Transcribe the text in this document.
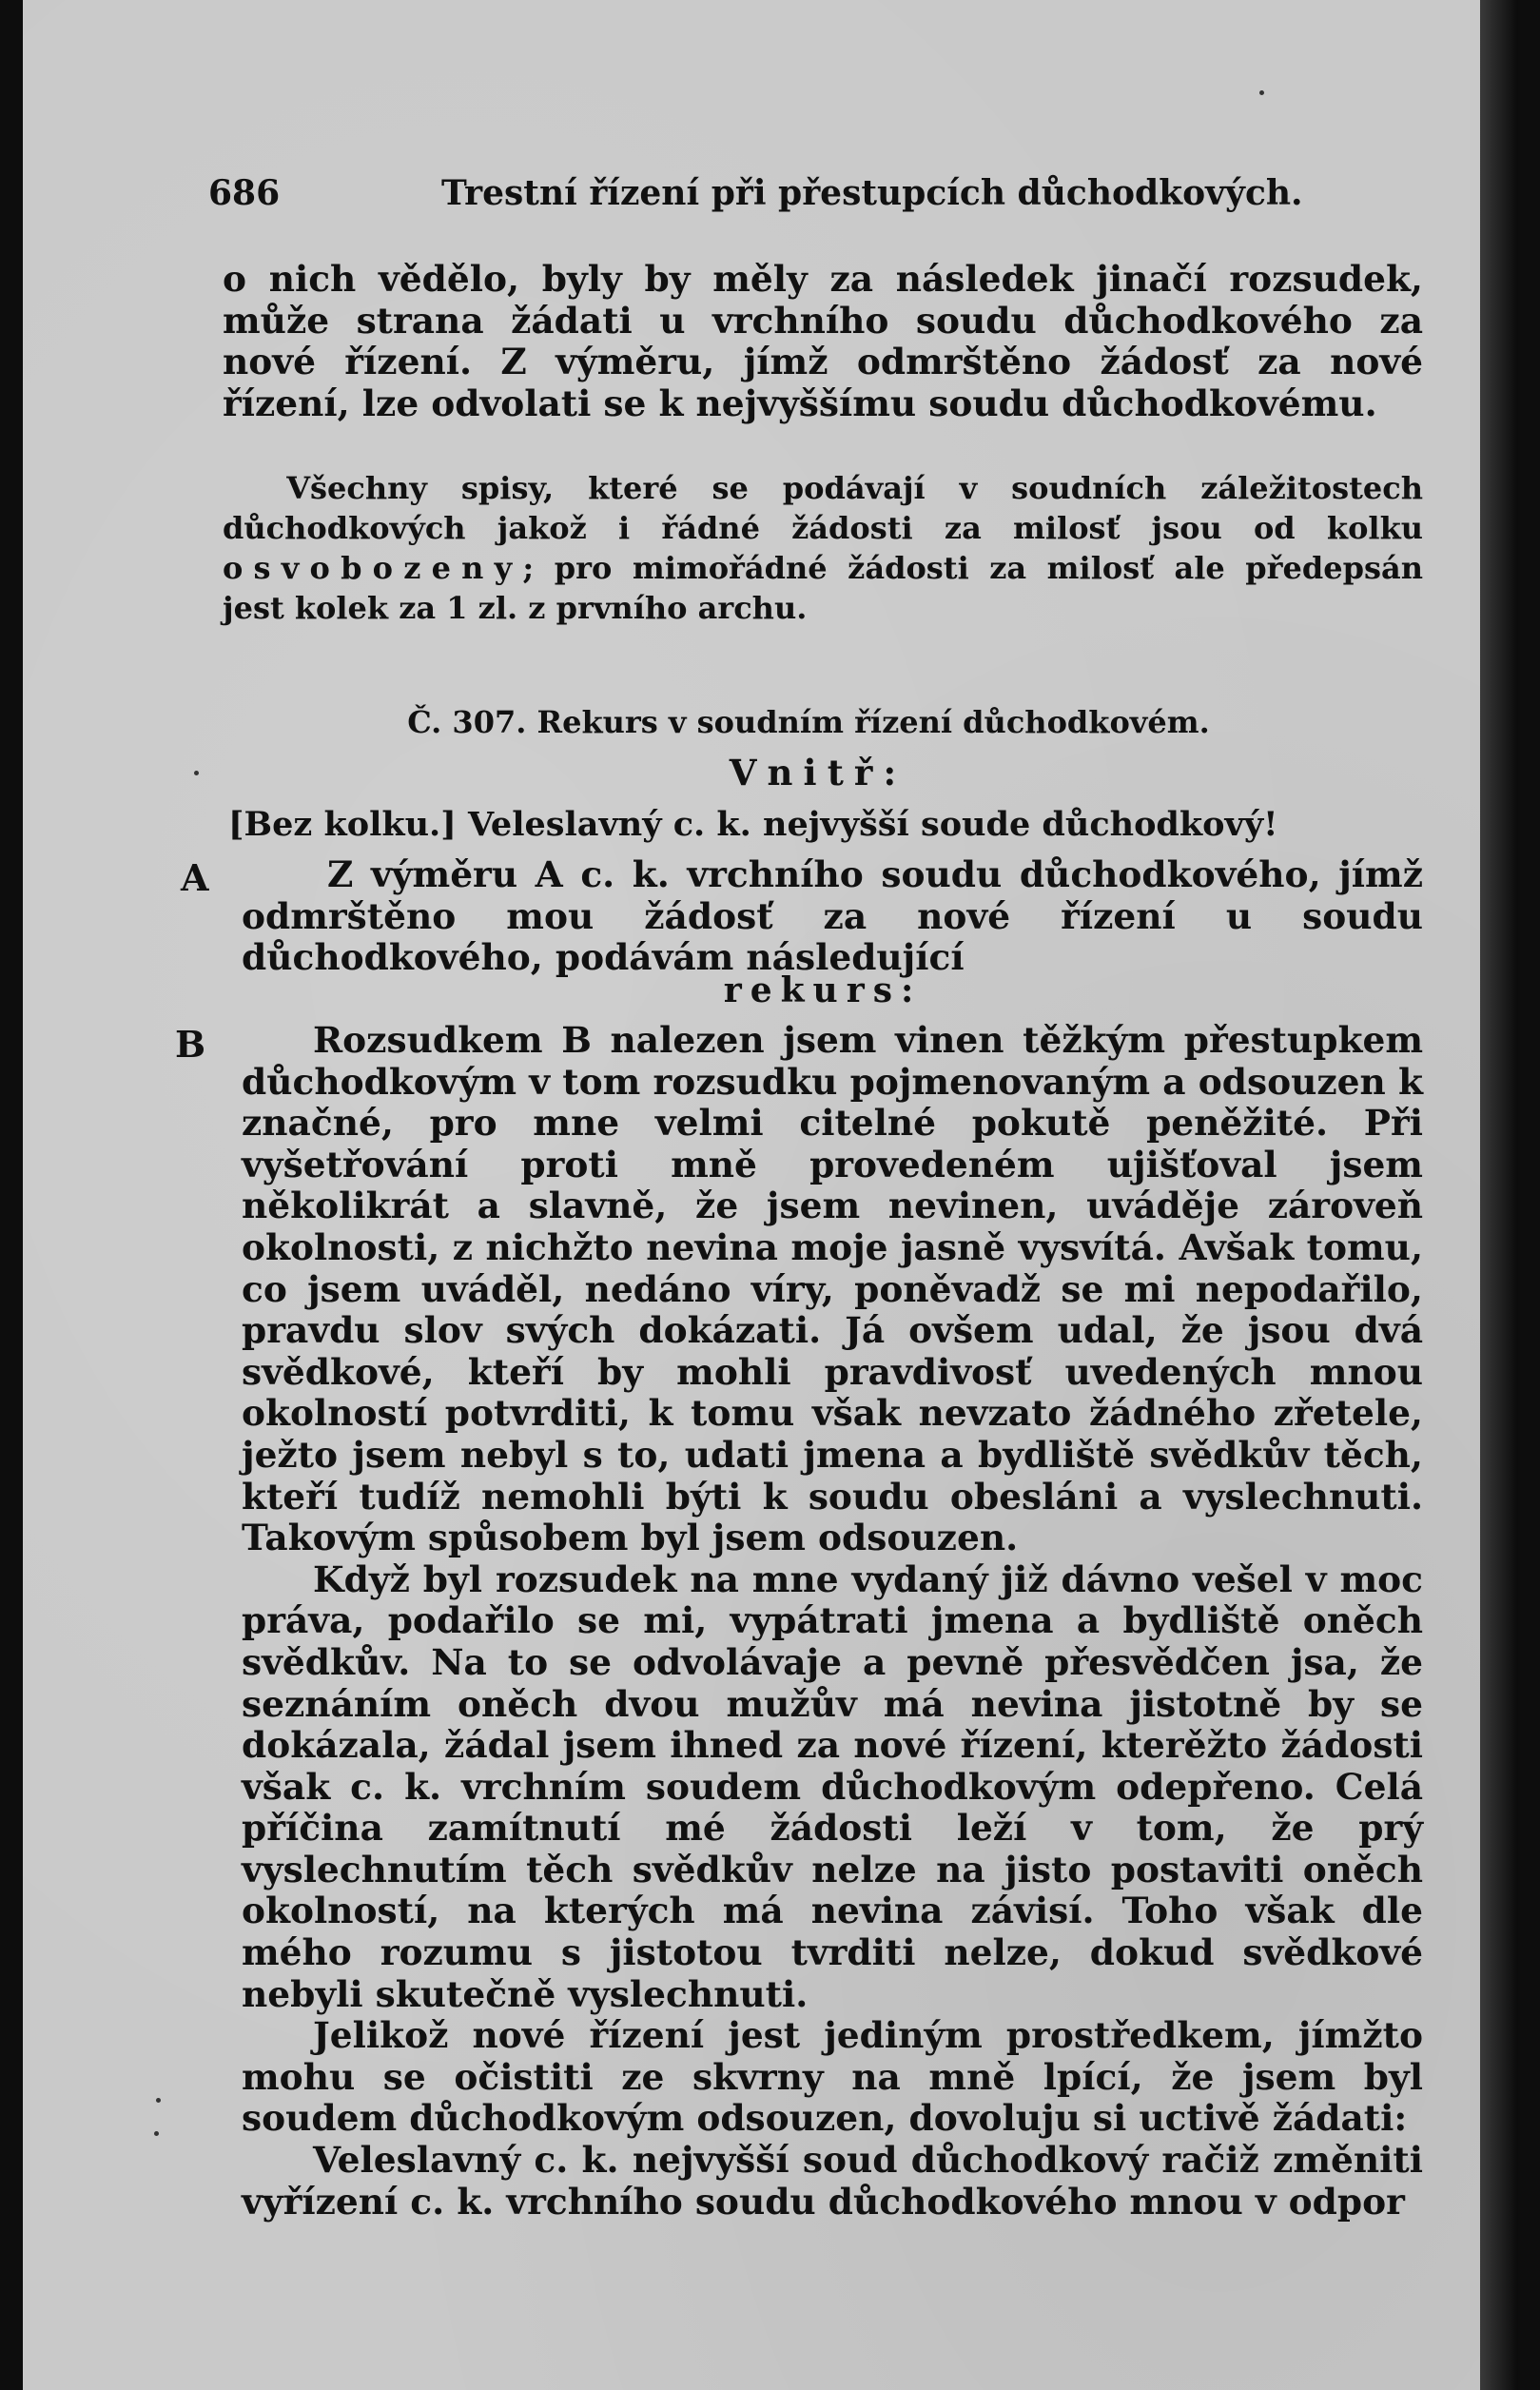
686	Trestní řízení při přestupcích důchodkových.

o nich vědělo, byly by měly za následek jinačí rozsudek, může strana žádati u vrchního soudu důchodkového za nové řízení. Z výměru, jímž odmrštěno žádosť za nové řízení, lze odvolati se k nejvyššímu soudu důchodkovému.

Všechny spisy, které se podávají v soudních záležitostech důchodkových jakož i řádné žádosti za milosť jsou od kolku osvobozeny; pro mimořádné žádosti za milosť ale předepsán jest kolek za 1 zl. z prvního archu.

Č. 307. Rekurs v soudním řízení důchodkovém.
Vnitř:
[Bez kolku.] Veleslavný c. k. nejvyšší soude důchodkový!
A
B

Z výměru A c. k. vrchního soudu důchodkového, jímž odmrštěno mou žádosť za nové řízení u soudu důchodkového, podávám následující

rekurs:

Rozsudkem B nalezen jsem vinen těžkým přestupkem důchodkovým v tom rozsudku pojmenovaným a odsouzen k značné, pro mne velmi citelné pokutě peněžité. Při vyšetřování proti mně provedeném ujišťoval jsem několikrát a slavně, že jsem nevinen, uváděje zároveň okolnosti, z nichžto nevina moje jasně vysvítá. Avšak tomu, co jsem uváděl, nedáno víry, poněvadž se mi nepodařilo, pravdu slov svých dokázati. Já ovšem udal, že jsou dvá svědkové, kteří by mohli pravdivosť uvedených mnou okolností potvrditi, k tomu však nevzato žádného zřetele, ježto jsem nebyl s to, udati jmena a bydliště svědkův těch, kteří tudíž nemohli býti k soudu obesláni a vyslechnuti. Takovým spůsobem byl jsem odsouzen.

Když byl rozsudek na mne vydaný již dávno vešel v moc práva, podařilo se mi, vypátrati jmena a bydliště oněch svědkův. Na to se odvolávaje a pevně přesvědčen jsa, že seznáním oněch dvou mužův má nevina jistotně by se dokázala, žádal jsem ihned za nové řízení, kterěžto žádosti však c. k. vrchním soudem důchodkovým odepřeno. Celá příčina zamítnutí mé žádosti leží v tom, že prý vyslechnutím těch svědkův nelze na jisto postaviti oněch okolností, na kterých má nevina závisí. Toho však dle mého rozumu s jistotou tvrditi nelze, dokud svědkové nebyli skutečně vyslechnuti.

Jelikož nové řízení jest jediným prostředkem, jímžto mohu se očistiti ze skvrny na mně lpící, že jsem byl soudem důchodkovým odsouzen, dovoluju si uctivě žádati:

Veleslavný c. k. nejvyšší soud důchodkový račiž změniti vyřízení c. k. vrchního soudu důchodkového mnou v odpor
